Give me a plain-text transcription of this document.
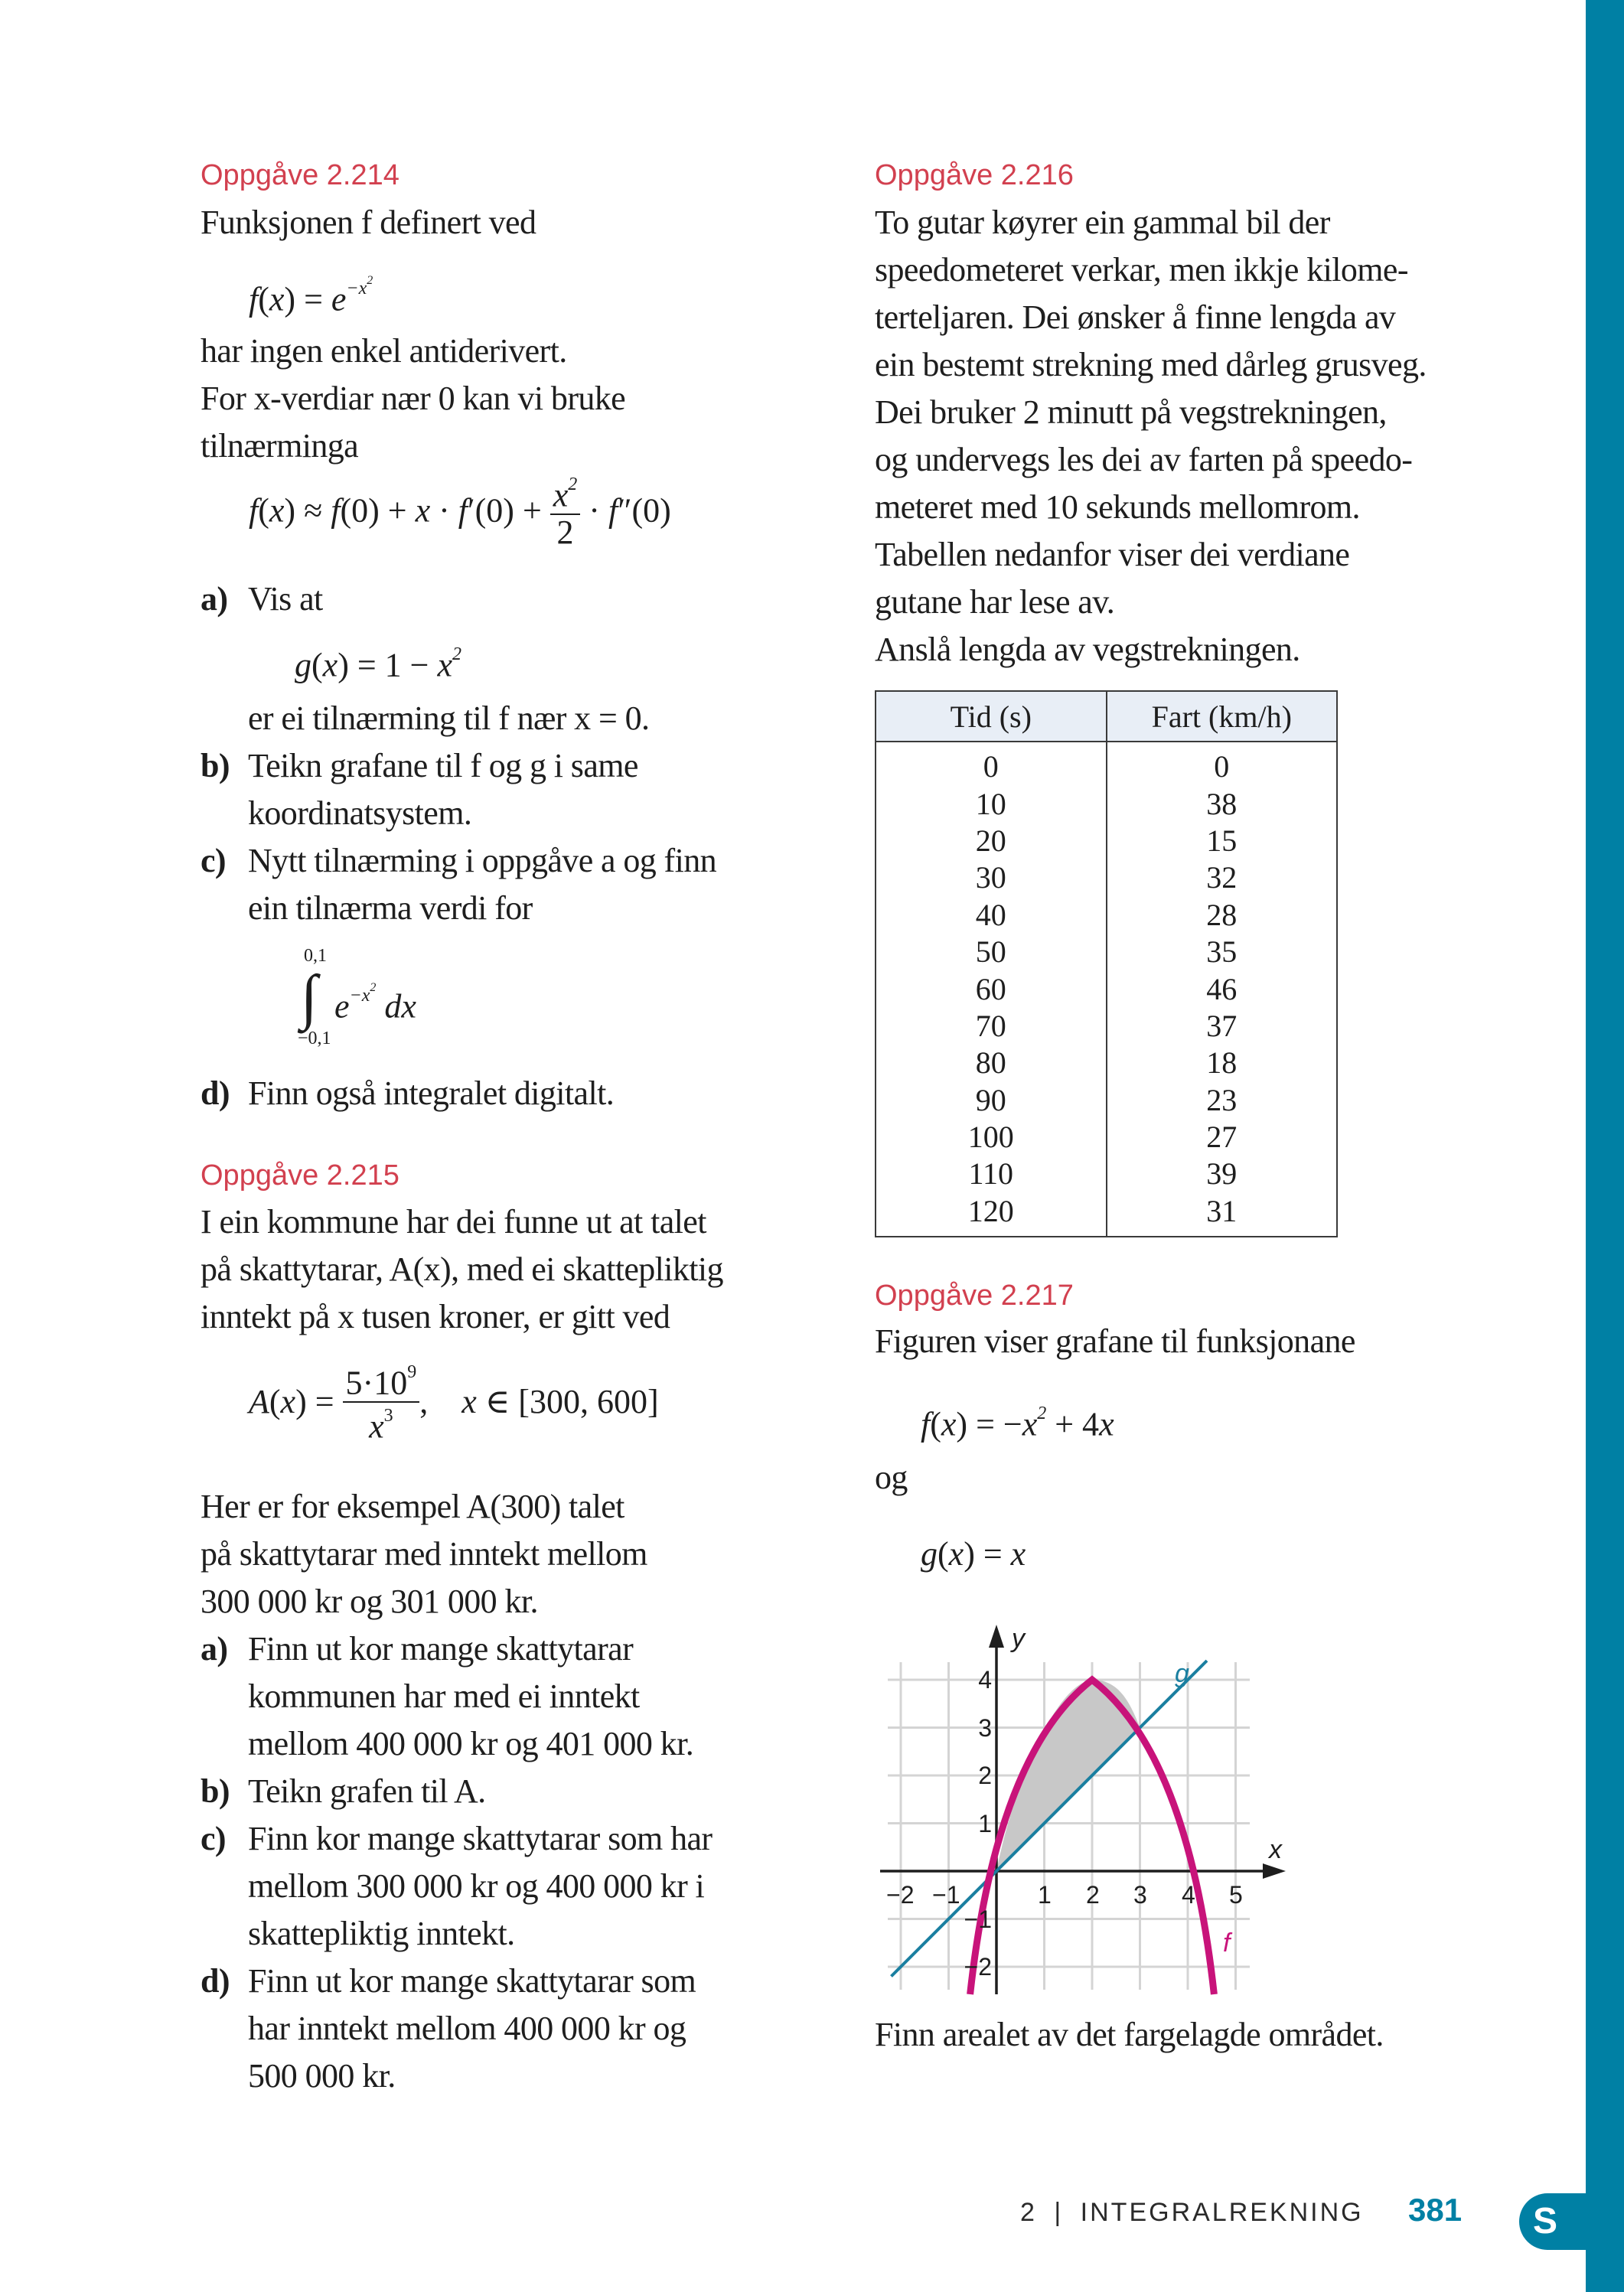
Oppgåve 2.214
Funksjonen f definert ved
$f(x) = e^{-x^2}$
har ingen enkel antiderivert.
For x-verdiar nær 0 kan vi bruke
tilnærminga
$f(x) \approx f(0) + x \cdot f'(0) + \frac{x^2}{2} \cdot f''(0)$
a) Vis at
$g(x) = 1 - x^2$
er ei tilnærming til f nær x = 0.
b) Teikn grafane til f og g i same
koordinatsystem.
c) Nytt tilnærming i oppgåve a og finn
ein tilnærma verdi for
0,1
∫
−0,1
$e^{-x^2}$ dx
d) Finn også integralet digitalt.
Oppgåve 2.215
I ein kommune har dei funne ut at talet
på skattytarar, A(x), med ei skattepliktig
inntekt på x tusen kroner, er gitt ved
$A(x) = \frac{5\cdot 10^9}{x^3}$ ,    x ∈ [300, 600]
Her er for eksempel A(300) talet
på skattytarar med inntekt mellom
300 000 kr og 301 000 kr.
a) Finn ut kor mange skattytarar
kommunen har med ei inntekt
mellom 400 000 kr og 401 000 kr.
b) Teikn grafen til A.
c) Finn kor mange skattytarar som har
mellom 300 000 kr og 400 000 kr i
skattepliktig inntekt.
d) Finn ut kor mange skattytarar som
har inntekt mellom 400 000 kr og
500 000 kr.
Oppgåve 2.216
To gutar køyrer ein gammal bil der
speedometeret verkar, men ikkje kilome-
terteljaren. Dei ønsker å finne lengda av
ein bestemt strekning med dårleg grusveg.
Dei bruker 2 minutt på vegstrekningen,
og undervegs les dei av farten på speedo-
meteret med 10 sekunds mellomrom.
Tabellen nedanfor viser dei verdiane
gutane har lese av.
Anslå lengda av vegstrekningen.
Tid (s)	Fart (km/h)
0	0
10	38
20	15
30	32
40	28
50	35
60	46
70	37
80	18
90	23
100	27
110	39
120	31
Oppgåve 2.217
Figuren viser grafane til funksjonane
$f(x) = -x^2 + 4x$
og
g(x) = x
y
x
g
f
−2 −1	1 2 3 4 5
4
3
2
1
−1
−2
Finn arealet av det fargelagde området.
2 | INTEGRALREKNING 381	S
